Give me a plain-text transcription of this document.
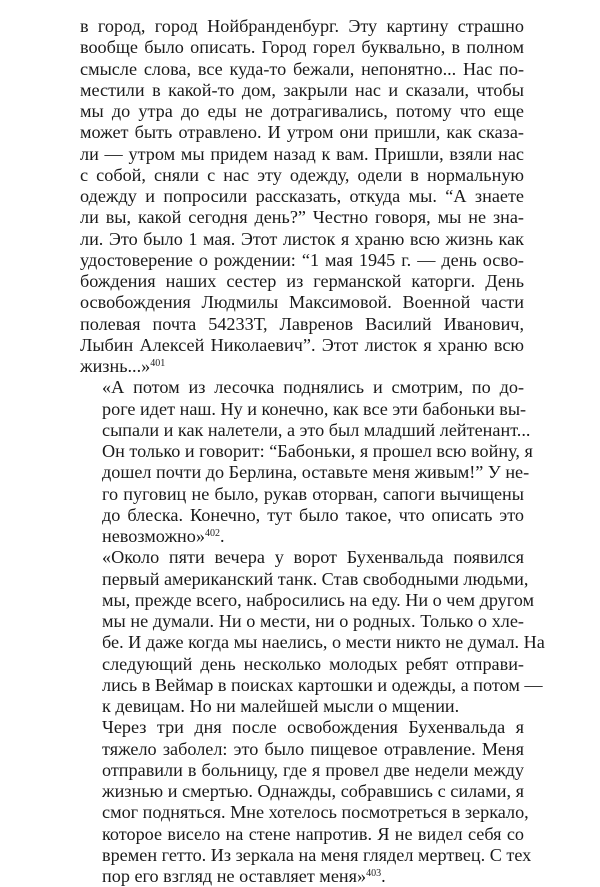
в город, город Нойбранденбург. Эту картину страшно
вообще было описать. Город горел буквально, в полном
смысле слова, все куда-то бежали, непонятно... Нас по-
местили в какой-то дом, закрыли нас и сказали, чтобы
мы до утра до еды не дотрагивались, потому что еще
может быть отравлено. И утром они пришли, как сказа-
ли — утром мы придем назад к вам. Пришли, взяли нас
с собой, сняли с нас эту одежду, одели в нормальную
одежду и попросили рассказать, откуда мы. “А знаете
ли вы, какой сегодня день?” Честно говоря, мы не зна-
ли. Это было 1 мая. Этот листок я храню всю жизнь как
удостоверение о рождении: “1 мая 1945 г. — день осво-
бождения наших сестер из германской каторги. День
освобождения Людмилы Максимовой. Военной части
полевая почта 54233Т, Лавренов Василий Иванович,
Лыбин Алексей Николаевич”. Этот листок я храню всю
жизнь...»$^{401}$
«А потом из лесочка поднялись и смотрим, по до-
роге идет наш. Ну и конечно, как все эти бабоньки вы-
сыпали и как налетели, а это был младший лейтенант...
Он только и говорит: “Бабоньки, я прошел всю войну, я
дошел почти до Берлина, оставьте меня живым!” У не-
го пуговиц не было, рукав оторван, сапоги вычищены
до блеска. Конечно, тут было такое, что описать это
невозможно»$^{402}$.
«Около пяти вечера у ворот Бухенвальда появился
первый американский танк. Став свободными людьми,
мы, прежде всего, набросились на еду. Ни о чем другом
мы не думали. Ни о мести, ни о родных. Только о хле-
бе. И даже когда мы наелись, о мести никто не думал. На
следующий день несколько молодых ребят отправи-
лись в Веймар в поисках картошки и одежды, а потом —
к девицам. Но ни малейшей мысли о мщении.
Через три дня после освобождения Бухенвальда я
тяжело заболел: это было пищевое отравление. Меня
отправили в больницу, где я провел две недели между
жизнью и смертью. Однажды, собравшись с силами, я
смог подняться. Мне хотелось посмотреться в зеркало,
которое висело на стене напротив. Я не видел себя со
времен гетто. Из зеркала на меня глядел мертвец. С тех
пор его взгляд не оставляет меня»$^{403}$.
